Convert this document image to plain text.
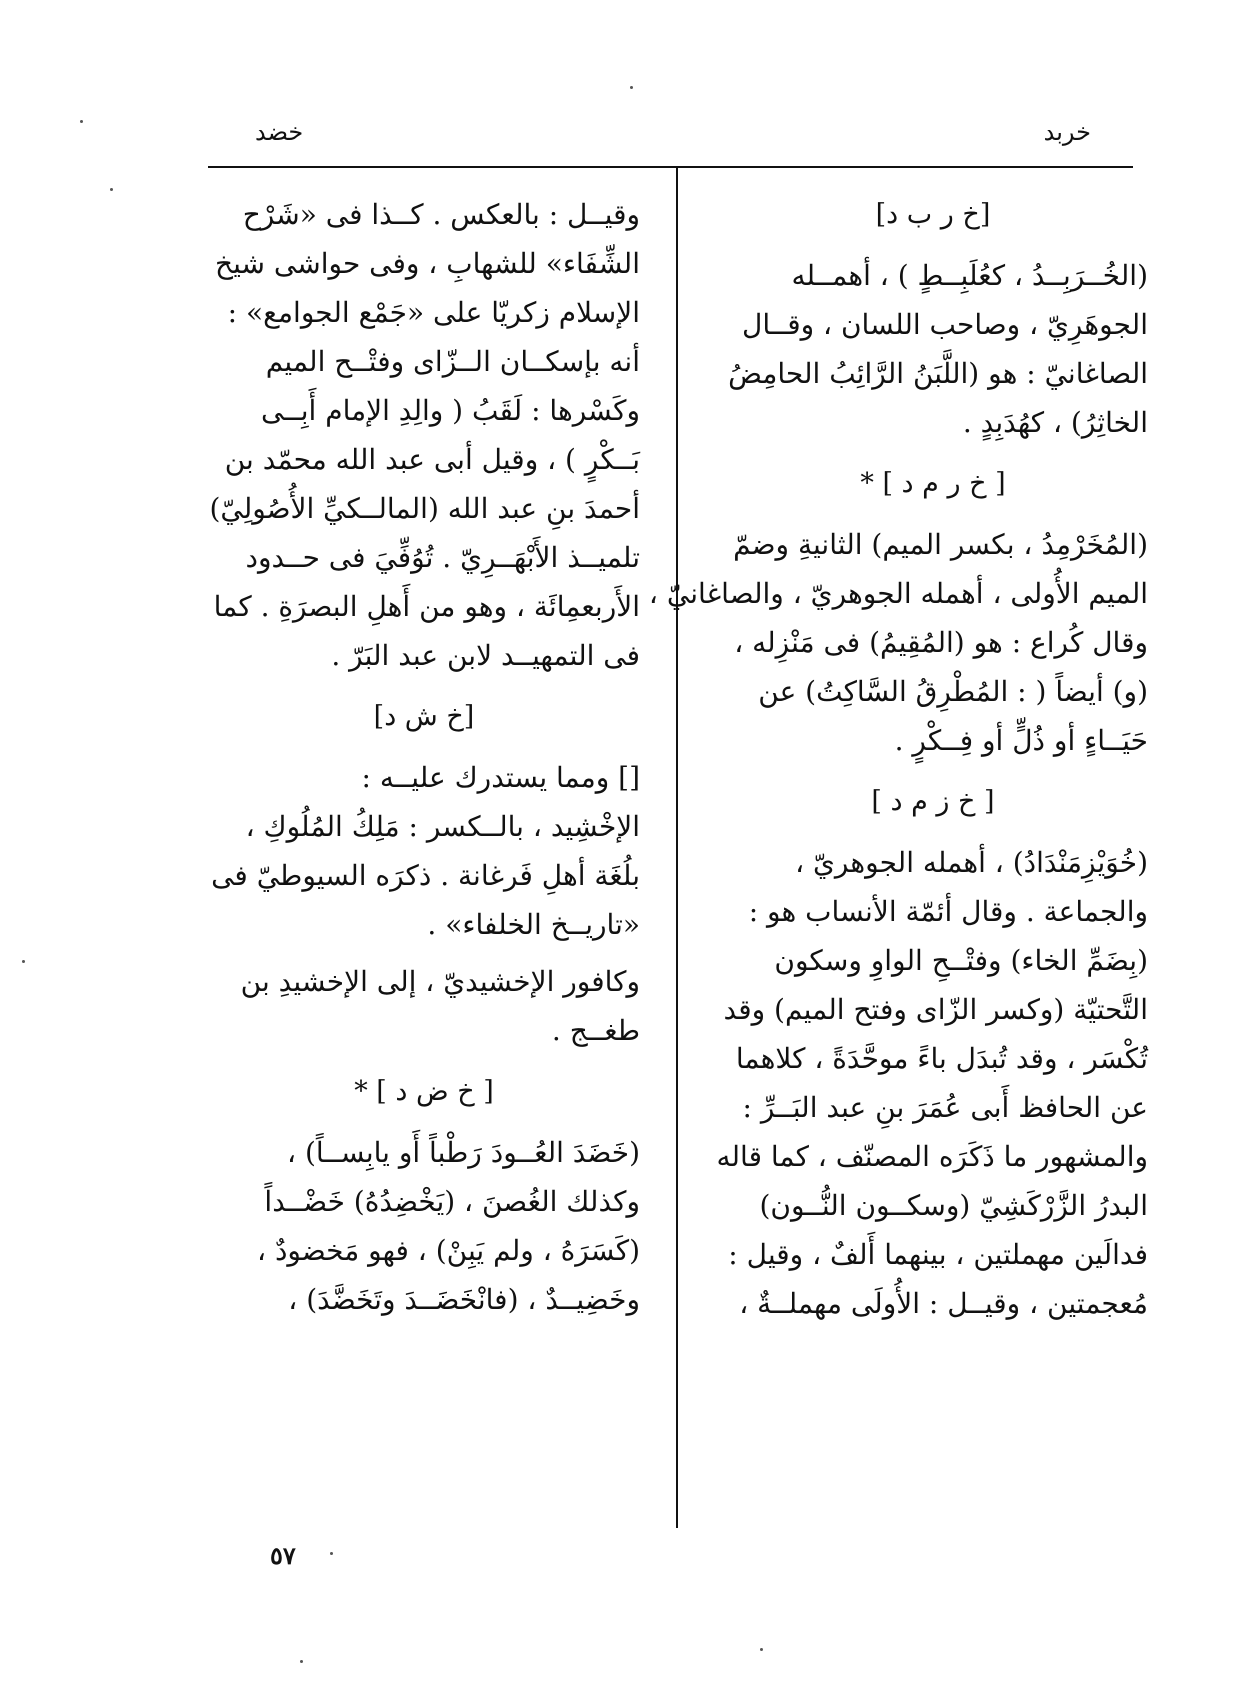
خربد
خضد
[خ ر ب د]
(الخُــرَبِــدُ ، كعُلَبِــطٍ ) ، أهمــله
الجوهَرِيّ ، وصاحب اللسان ، وقــال
الصاغانيّ : هو (اللَّبَنُ الرَّائِبُ الحامِضُ
الخاثِرُ) ، كهُدَبِدٍ .
[ خ ر م د ] *
(المُخَرْمِدُ ، بكسر الميم) الثانيةِ وضمّ
الميم الأُولى ، أهمله الجوهريّ ، والصاغانيّ ،
وقال كُراع : هو (المُقِيمُ) فى مَنْزِله ،
(و) أيضاً ( : المُطْرِقُ السَّاكِتُ) عن
حَيَــاءٍ أو ذُلٍّ أو فِــكْرٍ .
[ خ ز م د ]
(خُوَيْزِمَنْدَادُ) ، أهمله الجوهريّ ،
والجماعة . وقال أئمّة الأنساب هو :
(بِضَمِّ الخاء) وفتْــحِ الواوِ وسكون
التَّحتيّة (وكسر الزّاى وفتح الميم) وقد
تُكْسَر ، وقد تُبدَل باءً موحَّدَةً ، كلاهما
عن الحافظ أَبى عُمَرَ بنِ عبد البَــرِّ :
والمشهور ما ذَكَرَه المصنّف ، كما قاله
البدرُ الزَّرْكَشِيّ (وسكــون النُّــون)
فدالَين مهملتين ، بينهما أَلفٌ ، وقيل :
مُعجمتين ، وقيــل : الأُولَى مهملــةٌ ،
وقيــل : بالعكس . كــذا فى «شَرْح
الشِّفَاء» للشهابِ ، وفى حواشى شيخ
الإسلام زكريّا على «جَمْع الجوامع» :
أنه بإسكــان الــزّاى وفتْــح الميم
وكَسْرها : لَقَبُ ( والِدِ الإمام أَبِــى
بَــكْرٍ ) ، وقيل أبى عبد الله محمّد بن
أحمدَ بنِ عبد الله (المالــكيِّ الأُصُولِيّ)
تلميــذ الأَبْهَــرِيّ . تُوُفِّيَ فى حــدود
الأَربعمِائَة ، وهو من أَهلِ البصرَةِ . كما
فى التمهيــد لابن عبد البَرّ .
[خ ش د]
[] ومما يستدرك عليــه :
الإخْشِيد ، بالــكسر : مَلِكُ المُلُوكِ ،
بلُغَة أهلِ فَرغانة . ذكرَه السيوطيّ فى
«تاريــخ الخلفاء» .
وكافور الإخشيديّ ، إلى الإخشيدِ بن
طغــج .
[ خ ض د ] *
(خَضَدَ العُــودَ رَطْباً أَو يابِســاً) ،
وكذلك الغُصنَ ، (يَخْضِدُهُ) خَضْــداً
(كَسَرَهُ ، ولم يَبِنْ) ، فهو مَخضودٌ ،
وخَضِيــدٌ ، (فانْخَضَــدَ وتَخَضَّدَ) ،
٥٧
